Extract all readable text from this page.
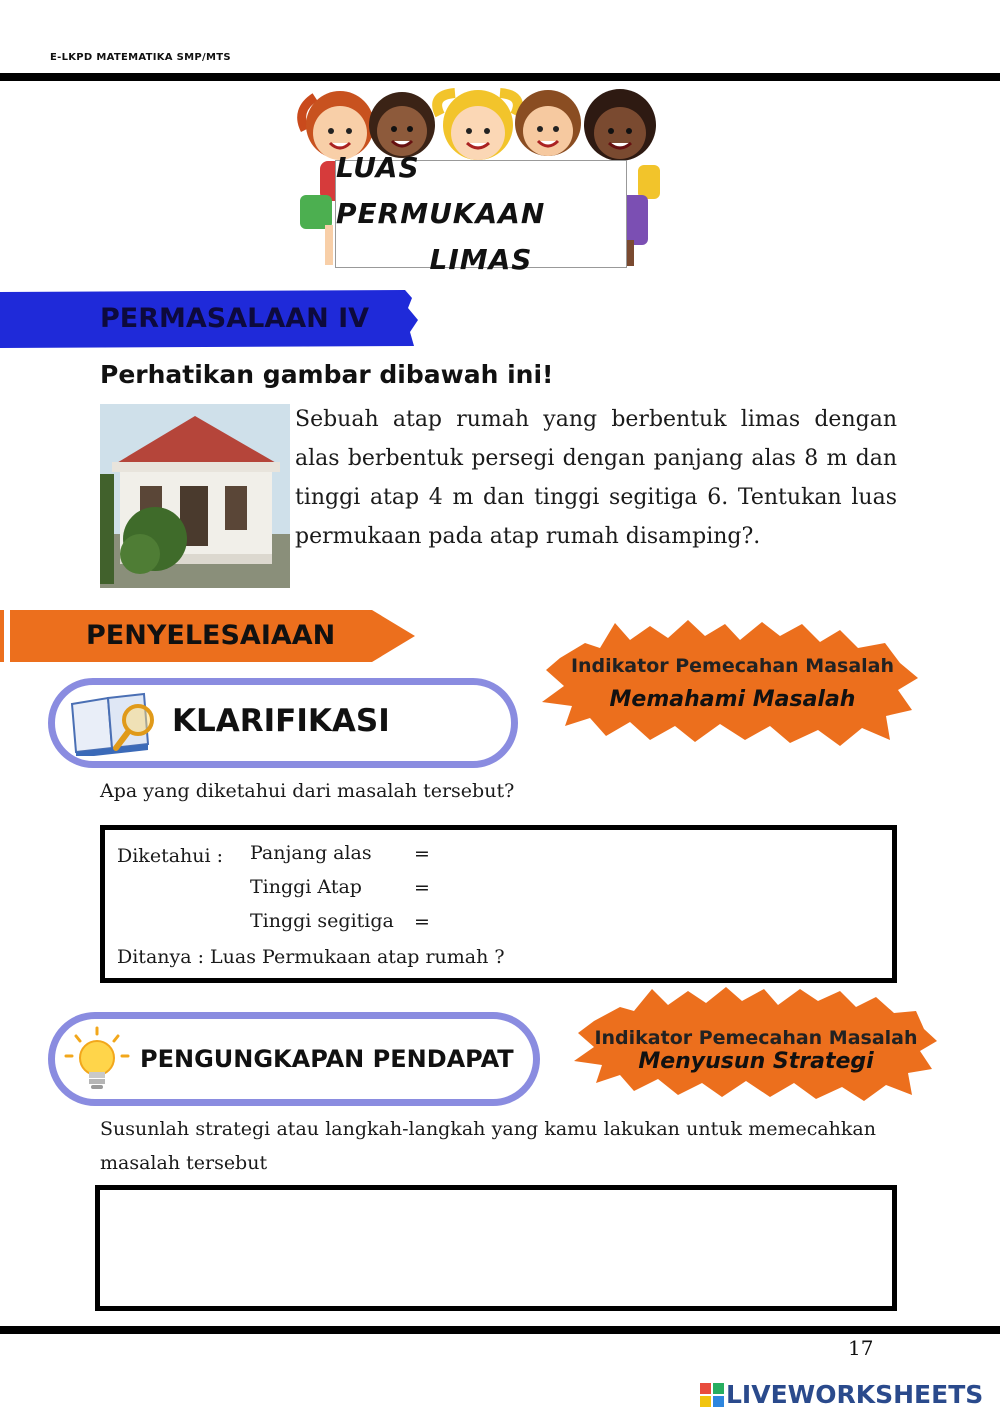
E-LKPD MATEMATIKA SMP/MTS
LUAS PERMUKAAN
LIMAS
PERMASALAAN IV
Perhatikan gambar dibawah ini!
Sebuah atap rumah yang berbentuk limas dengan alas berbentuk persegi dengan panjang alas 8 m dan tinggi atap 4 m dan tinggi segitiga 6. Tentukan luas permukaan pada atap rumah disamping?.
PENYELESAIAAN
Indikator Pemecahan Masalah
Memahami Masalah
KLARIFIKASI
Apa yang diketahui dari masalah tersebut?
Diketahui : Panjang alas =
Tinggi Atap	=
Tinggi segitiga =
Ditanya : Luas Permukaan atap rumah ?
Indikator Pemecahan Masalah
Menyusun Strategi
PENGUNGKAPAN PENDAPAT
Susunlah strategi atau langkah-langkah yang kamu lakukan untuk memecahkan masalah tersebut
17
LIVEWORKSHEETS
